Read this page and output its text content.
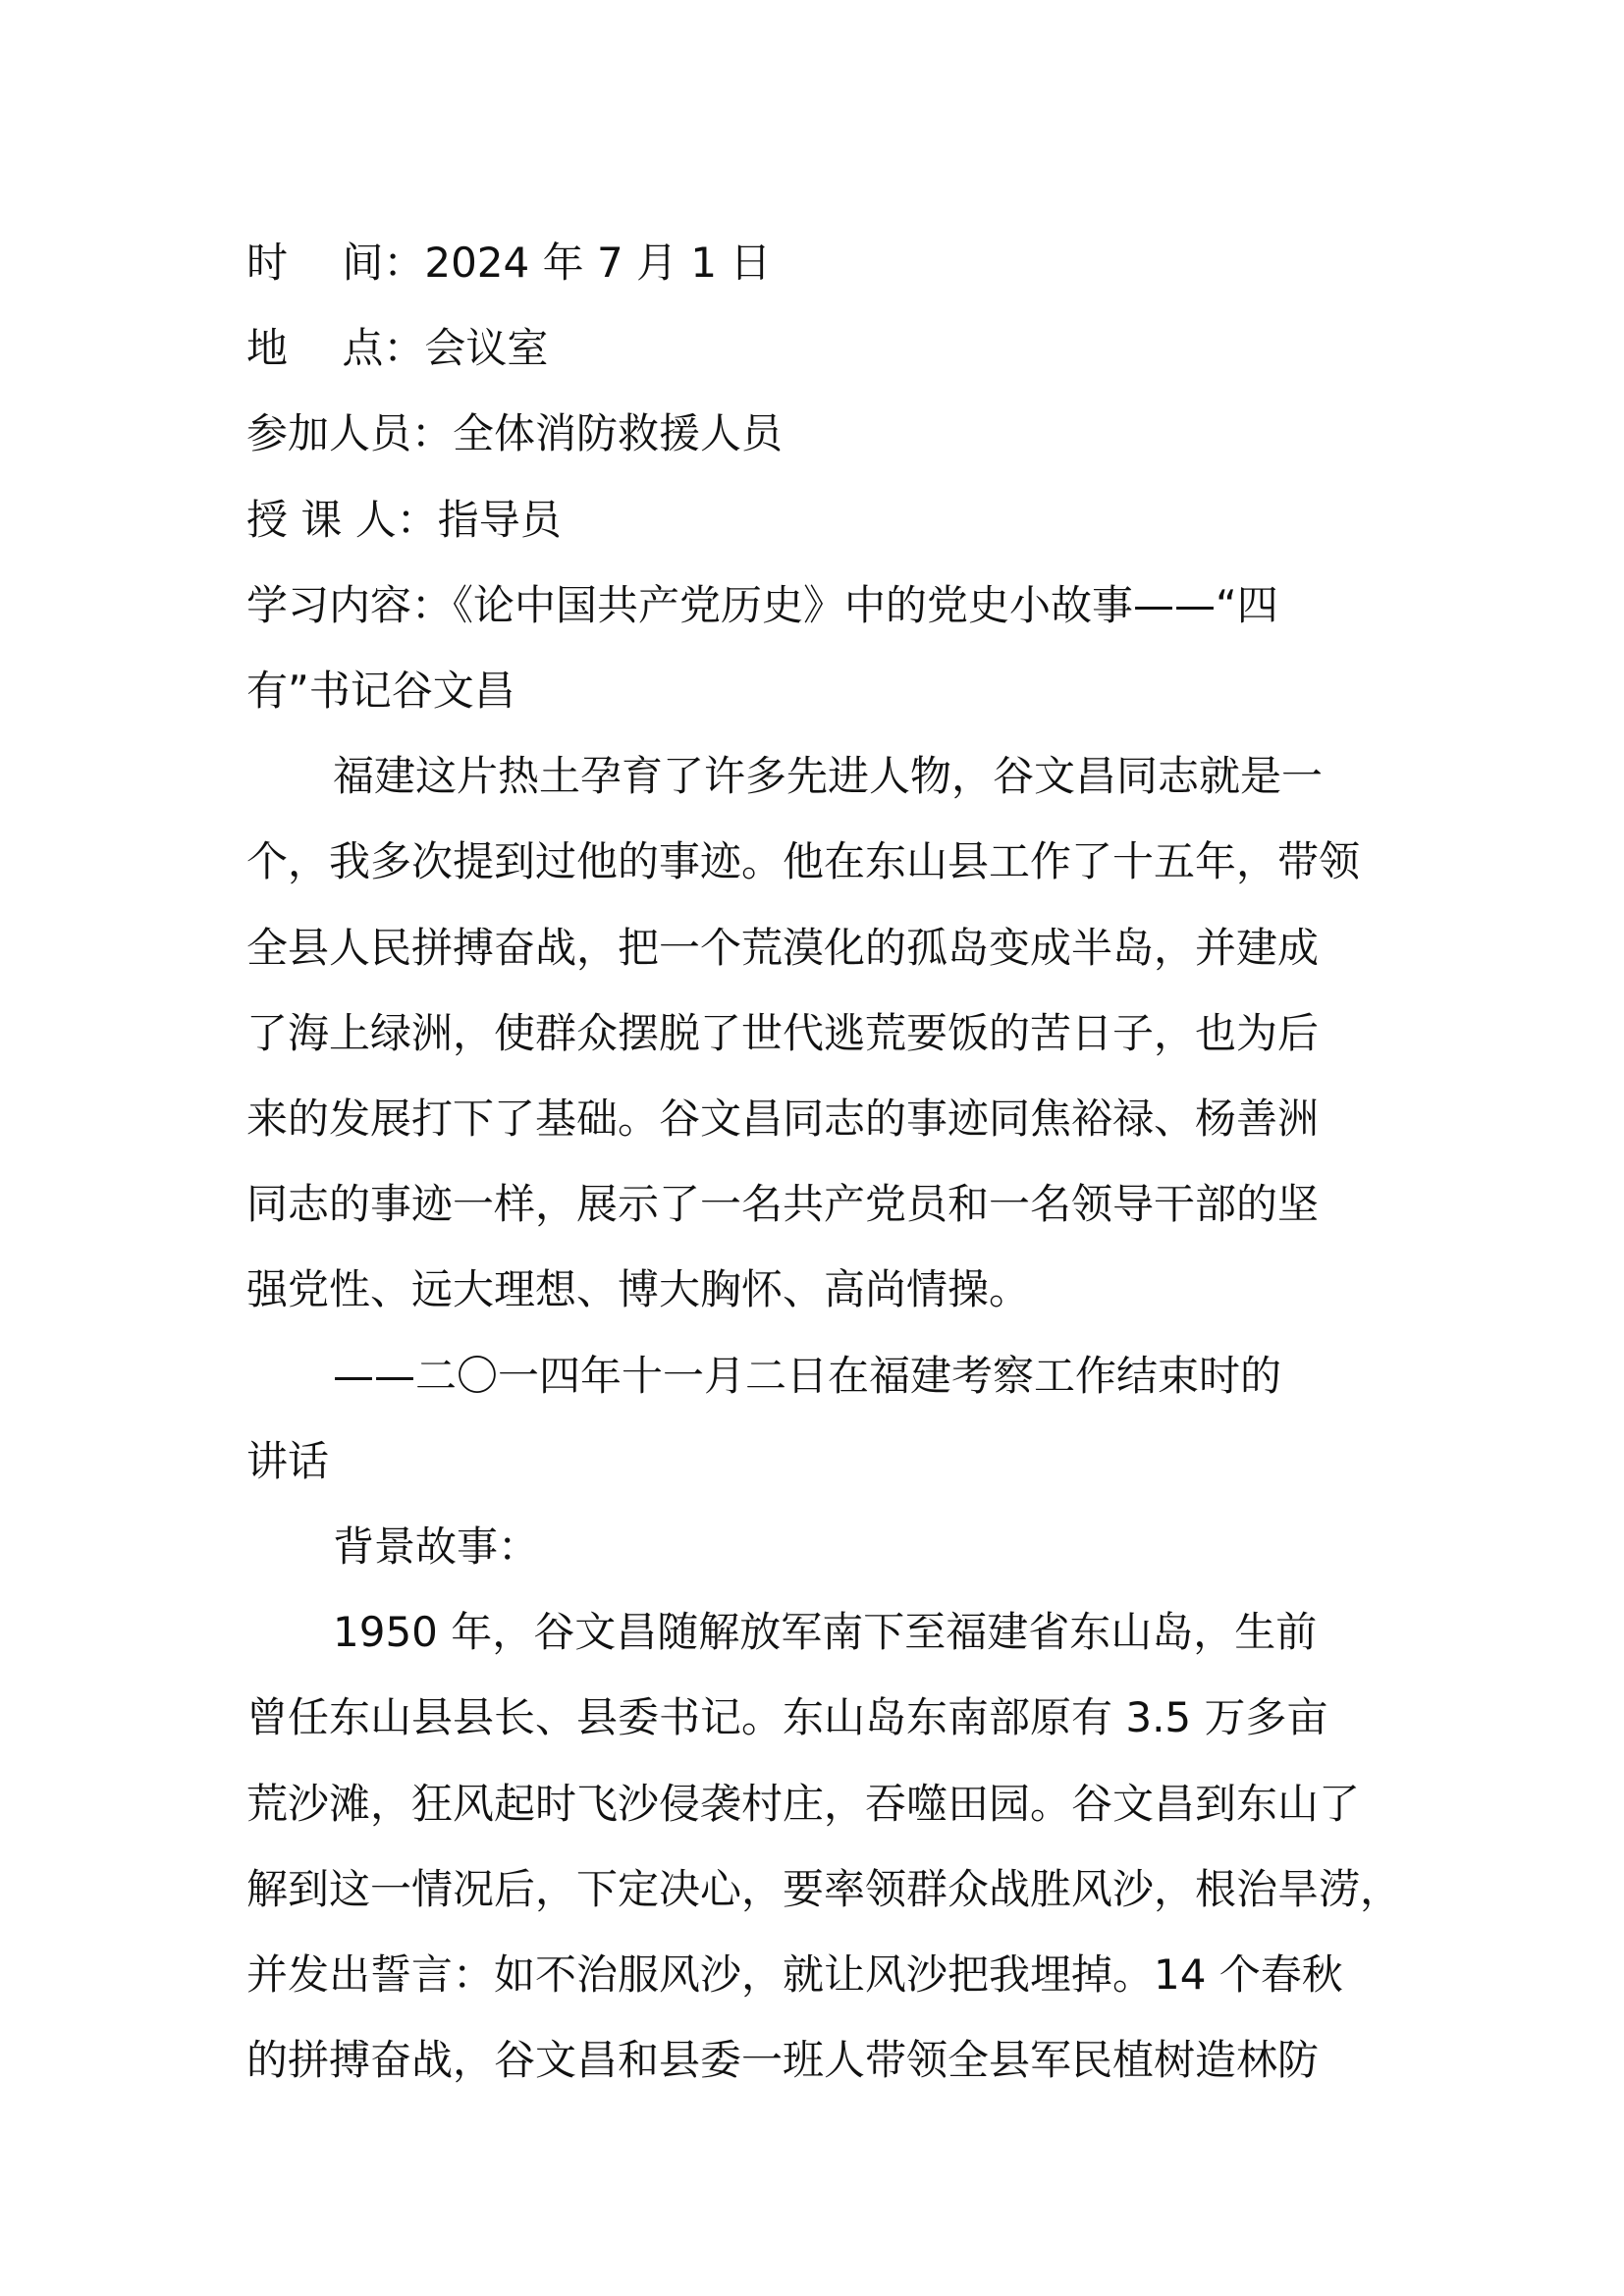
时　 间：2024 年 7 月 1 日

地　 点：会议室

参加人员：全体消防救援人员

授 课 人：指导员

学习内容：《论中国共产党历史》中的党史小故事——“四

有”书记谷文昌

福建这片热土孕育了许多先进人物，谷文昌同志就是一

个，我多次提到过他的事迹。他在东山县工作了十五年，带领

全县人民拼搏奋战，把一个荒漠化的孤岛变成半岛，并建成

了海上绿洲，使群众摆脱了世代逃荒要饭的苦日子，也为后

来的发展打下了基础。谷文昌同志的事迹同焦裕禄、杨善洲

同志的事迹一样，展示了一名共产党员和一名领导干部的坚

强党性、远大理想、博大胸怀、高尚情操。

——二〇一四年十一月二日在福建考察工作结束时的

讲话

背景故事：

1950 年，谷文昌随解放军南下至福建省东山岛，生前

曾任东山县县长、县委书记。东山岛东南部原有 3.5 万多亩

荒沙滩，狂风起时飞沙侵袭村庄，吞噬田园。谷文昌到东山了

解到这一情况后，下定决心，要率领群众战胜风沙，根治旱涝，

并发出誓言：如不治服风沙，就让风沙把我埋掉。14 个春秋

的拼搏奋战，谷文昌和县委一班人带领全县军民植树造林防
